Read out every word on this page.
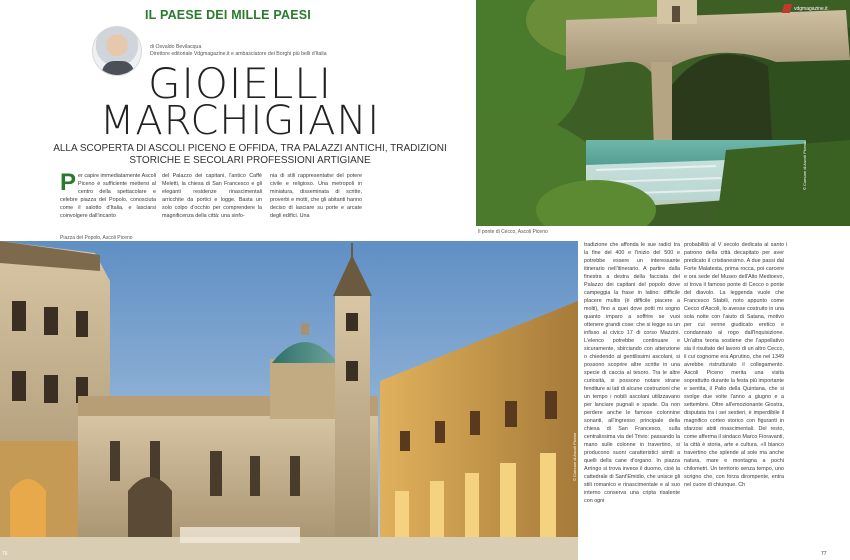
IL PAESE DEI MILLE PAESI
di Osvaldo Bevilacqua
Direttore editoriale Vdgmagazine.it e ambasciatore dei Borghi più belli d'Italia
GIOIELLI
MARCHIGIANI
ALLA SCOPERTA DI ASCOLI PICENO E OFFIDA, TRA PALAZZI ANTICHI, TRADIZIONI STORICHE E SECOLARI PROFESSIONI ARTIGIANE
Per capire immediatamente Ascoli Piceno è sufficiente mettersi al centro della spettacolare e celebre piazza del Popolo, conosciuta come il salotto d'Italia, e lasciarsi coinvolgere dall'incanto
del Palazzo dei capitani, l'antico Caffè Meletti, la chiesa di San Francesco e gli eleganti residenze rinascimentali arricchite da portici e logge. Basta un solo colpo d'occhio per comprendere la magnificenza della città: una sinfo-
nia di stili rappresentativi del potere civile e religioso. Una metropoli in miniatura, disseminata di scritte, proverbi e motti, che gli abitanti hanno deciso di lasciare su porte e arcate degli edifici. Una
Piazza del Popolo, Ascoli Piceno
vdgmagazine.it
© Comune di Ascoli Piceno
Il ponte di Cecco, Ascoli Piceno
76
© Comune di Ascoli Piceno
tradizione che affonda le sue radici tra la fine del 400 e l'inizio del 500 e potrebbe essere un interessante itinerario nell'itinerario. A partire dalla finestra a destra della facciata del Palazzo dei capitani del popolo dove campeggia la frase in latino: difficile placere multis (è difficile piacere a molti), fino a quei dove potti mi sogno quanto imparo a soffrire se vuoi ottenere grandi cose: che si legge su un infisso al civico 17 di corso Mazzini. L'elenco potrebbe continuare e sicuramente, sbirciando con attenzione o chiedendo ai gentilissimi ascolani, si possono scoprire altre scritte in una specie di caccia al tesoro. Tra le altre curiosità, si possono notare strane fenditure ai lati di alcune costruzioni che un tempo i nobili ascolani utilizzavano per lanciare pugnali e spade. Da non perdere anche le famose colonnine sonanti, all'ingresso principale della chiesa di San Francesco, sulla centralissima via del Trivio: passando la mano sulle colonne in travertino, si producono suoni caratteristici simili a quelli della cane d'organo. In piazza Arringo si trova invece il duomo, cioè la cattedrale di Sant'Emidio, che unisce gli stili romanico e rinascimentale e al suo interno conserva una cripta risalente con ogni
probabilità al V secolo dedicata al santo patrono della città decapitato per aver predicato il cristianesimo. A due passi dal Forte Malatesta, prima rocca, poi carcere e ora sede del Museo dell'Alto Medioevo, si trova il famoso ponte di Cecco o ponte del diavolo. La leggenda vuole che Francesco Stabili, noto appunto come Cecco d'Ascoli, lo avesse costruito in una sola notte con l'aiuto di Satana, motivo per cui venne giudicato eretico e condannato al rogo dall'Inquisizione. Un'altra teoria sostiene che l'appellativo sia il risultato del lavoro di un altro Cecco, il cui cognome era Aprutino, che nel 1349 avrebbe ristrutturato il collegamento. Ascoli Piceno merita una visita soprattutto durante la festa più importante e sentita, il Palio della Quintana, che si svolge due volte l'anno a giugno e a settembre. Oltre all'emozionante Giostra, disputata tra i sei sestieri, è imperdibile il magnifico corteo storico con figuranti in sfarzosi abiti rinascimentali. Del resto, come afferma il sindaco Marco Fioravanti, la città è storia, arte e cultura. «Il bianco travertino che splende al sole ma anche natura, mare e montagna a pochi chilometri. Un territorio senza tempo, uno scrigno che, con forza dirompente, entra nel cuore di chiunque. Ch
i
77
